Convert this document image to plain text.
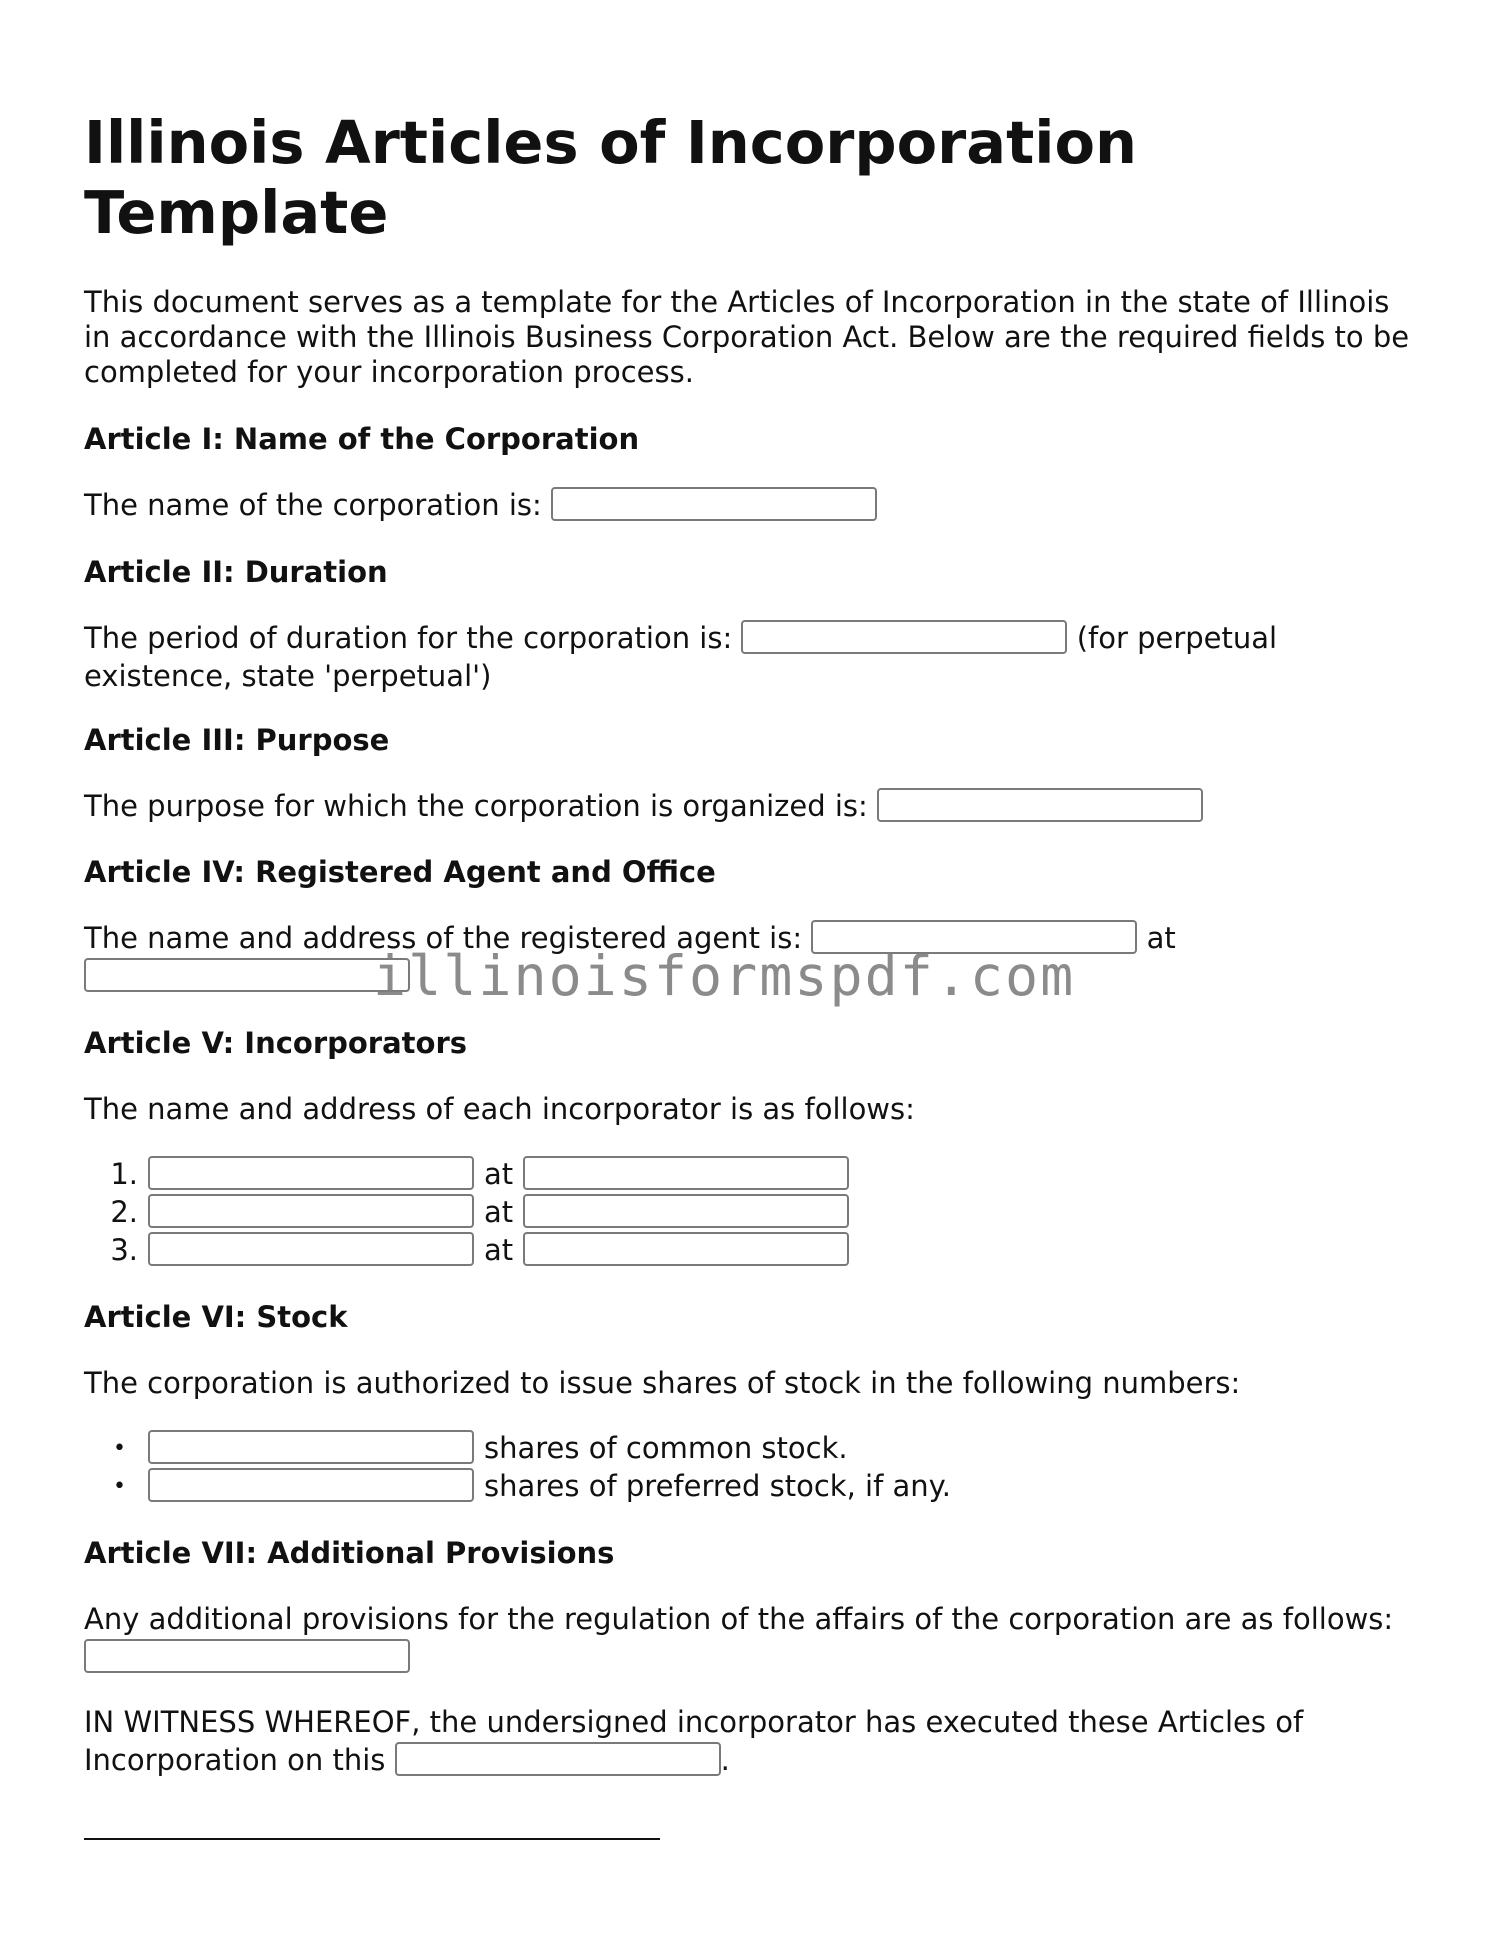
Illinois Articles of Incorporation Template

This document serves as a template for the Articles of Incorporation in the state of Illinois in accordance with the Illinois Business Corporation Act. Below are the required fields to be completed for your incorporation process.

Article I: Name of the Corporation

The name of the corporation is:

Article II: Duration

The period of duration for the corporation is:	(for perpetual
existence, state 'perpetual')

Article III: Purpose

The purpose for which the corporation is organized is:

Article IV: Registered Agent and Office

The name and address of the registered agent is:	at

Article V: Incorporators

The name and address of each incorporator is as follows:
1.	at
2.	at
3.	at

Article VI: Stock

The corporation is authorized to issue shares of stock in the following numbers:
•	shares of common stock.
•	shares of preferred stock, if any.

Article VII: Additional Provisions

Any additional provisions for the regulation of the affairs of the corporation are as follows:
IN WITNESS WHEREOF, the undersigned incorporator has executed these Articles of
Incorporation on this	.
illinoisformspdf.com
